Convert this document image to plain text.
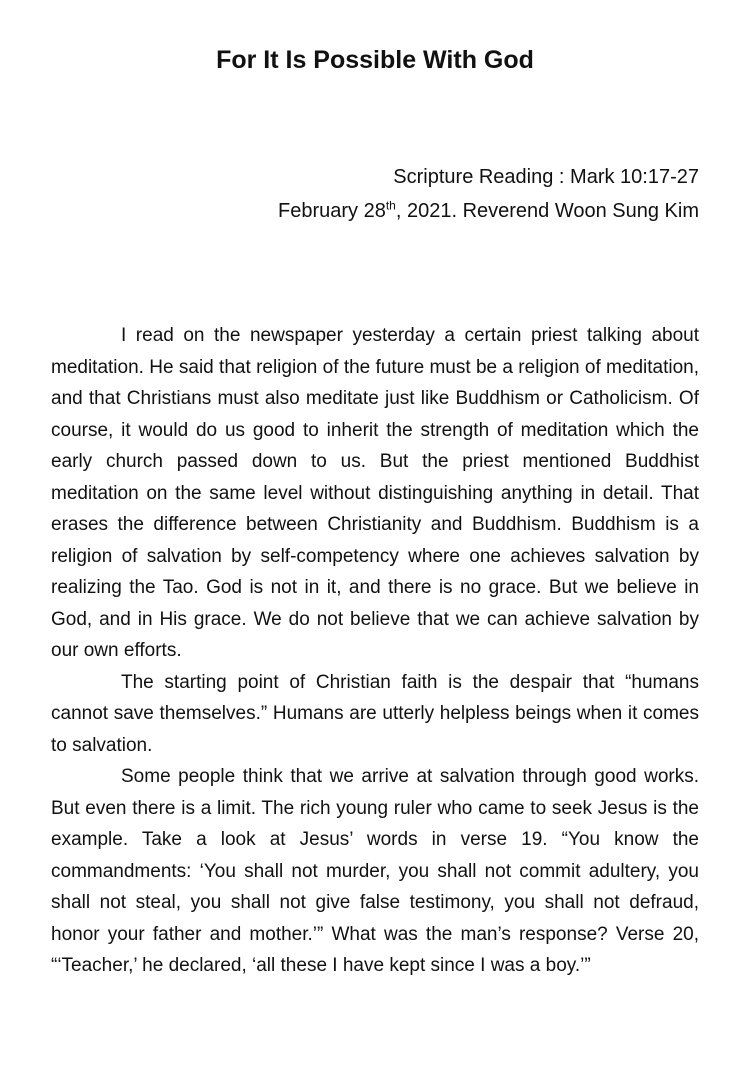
For It Is Possible With God
Scripture Reading : Mark 10:17-27
February 28th, 2021. Reverend Woon Sung Kim

I read on the newspaper yesterday a certain priest talking about meditation. He said that religion of the future must be a religion of meditation, and that Christians must also meditate just like Buddhism or Catholicism. Of course, it would do us good to inherit the strength of meditation which the early church passed down to us. But the priest mentioned Buddhist meditation on the same level without distinguishing anything in detail. That erases the difference between Christianity and Buddhism. Buddhism is a religion of salvation by self-competency where one achieves salvation by realizing the Tao. God is not in it, and there is no grace. But we believe in God, and in His grace. We do not believe that we can achieve salvation by our own efforts.

The starting point of Christian faith is the despair that “humans cannot save themselves.” Humans are utterly helpless beings when it comes to salvation.

Some people think that we arrive at salvation through good works. But even there is a limit. The rich young ruler who came to seek Jesus is the example. Take a look at Jesus’ words in verse 19. “You know the commandments: ‘You shall not murder, you shall not commit adultery, you shall not steal, you shall not give false testimony, you shall not defraud, honor your father and mother.’” What was the man’s response? Verse 20, “‘Teacher,’ he declared, ‘all these I have kept since I was a boy.’”
